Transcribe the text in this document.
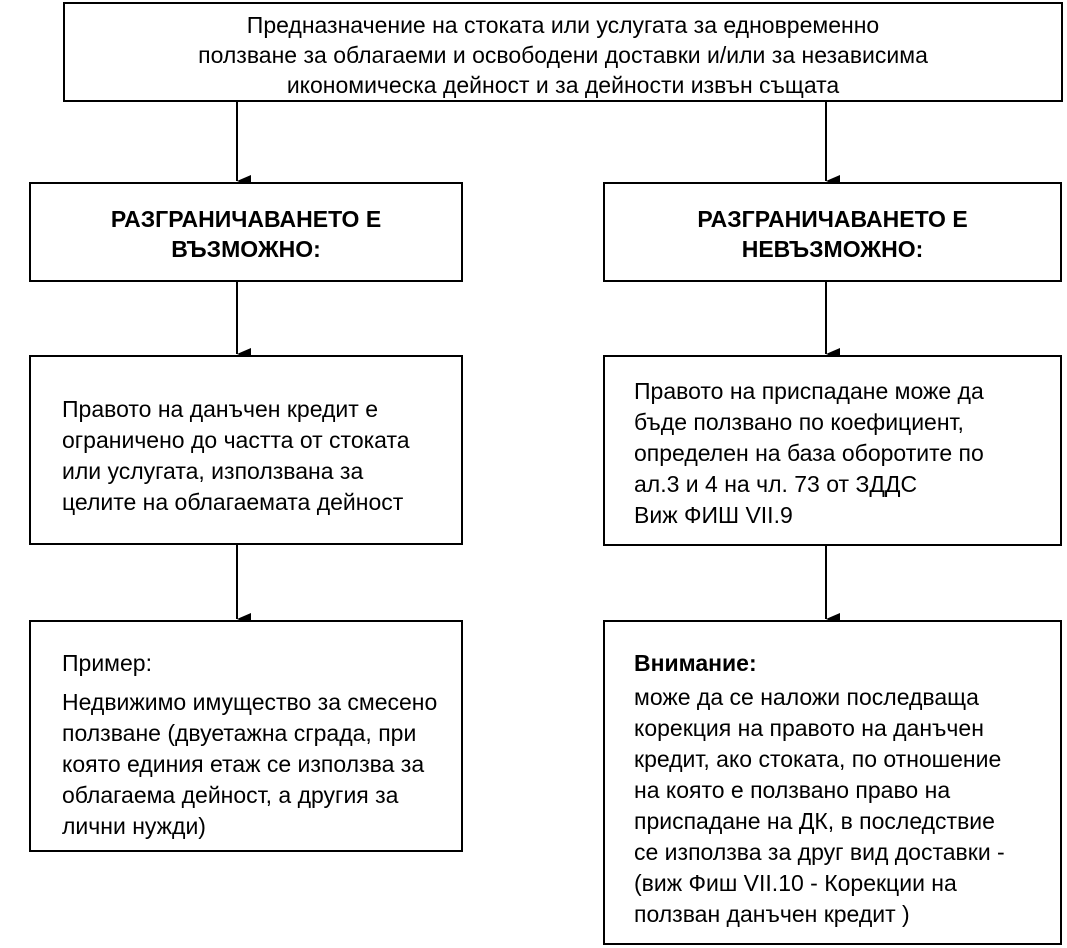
Предназначение на стоката или услугата за едновременно
ползване за облагаеми и освободени доставки и/или за независима
икономическа дейност и за дейности извън същата
РАЗГРАНИЧАВАНЕТО Е
ВЪЗМОЖНО:
РАЗГРАНИЧАВАНЕТО Е
НЕВЪЗМОЖНО:
Правото на данъчен кредит е
ограничено до частта от стоката
или услугата, използвана за
целите на облагаемата дейност
Правото на приспадане може да
бъде ползвано по коефициент,
определен на база оборотите по
ал.3 и 4 на чл. 73 от ЗДДС
Виж ФИШ VII.9
Пример:
Недвижимо имущество за смесено
ползване (двуетажна сграда, при
която единия етаж се използва за
облагаема дейност, а другия за
лични нужди)
Внимание:
може да се наложи последваща
корекция на правото на данъчен
кредит, ако стоката, по отношение
на която е ползвано право на
приспадане на ДК, в последствие
се използва за друг вид доставки -
(виж Фиш VII.10 - Корекции на
ползван данъчен кредит )
